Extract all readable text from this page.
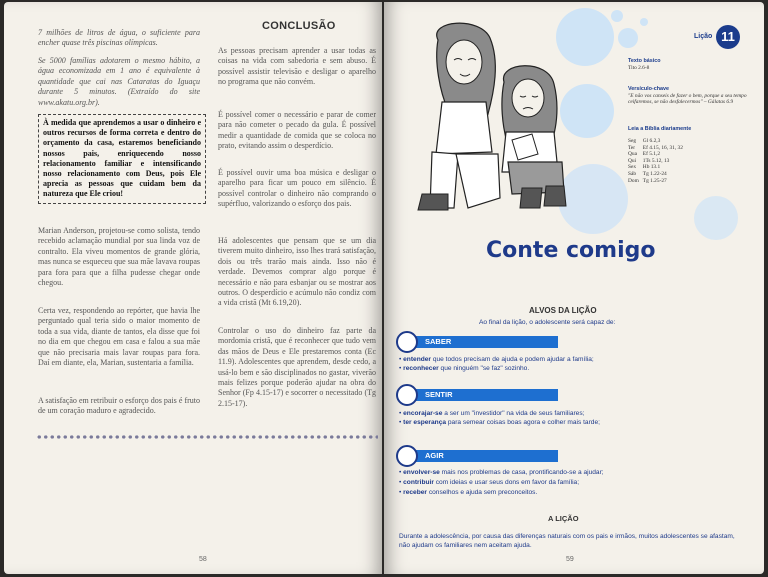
7 milhões de litros de água, o suficiente para encher quase três piscinas olímpicas.
Se 5000 famílias adotarem o mesmo hábito, a água economizada em 1 ano é equivalente à quantidade que cai nas Cataratas do Iguaçu durante 5 minutos. (Extraído do site www.akatu.org.br).
À medida que aprendemos a usar o dinheiro e outros recursos de forma correta e dentro do orçamento da casa, estaremos beneficiando nossos pais, enriquecendo nosso relacionamento familiar e intensificando nosso relacionamento com Deus, pois Ele aprecia as pessoas que cuidam bem da natureza que Ele criou!
Marian Anderson, projetou-se como solista, tendo recebido aclamação mundial por sua linda voz de contralto. Ela viveu momentos de grande glória, mas nunca se esqueceu que sua mãe lavava roupas para fora para que a filha pudesse chegar onde chegou.
Certa vez, respondendo ao repórter, que havia lhe perguntado qual teria sido o maior momento de toda a sua vida, diante de tantos, ela disse que foi no dia em que chegou em casa e falou a sua mãe que não precisaria mais lavar roupas para fora. Daí em diante, ela, Marian, sustentaria a família.
A satisfação em retribuir o esforço dos pais é fruto de um coração maduro e agradecido.
CONCLUSÃO
As pessoas precisam aprender a usar todas as coisas na vida com sabedoria e sem abuso. É possível assistir televisão e desligar o aparelho no programa que não convém.
É possível comer o necessário e parar de comer para não cometer o pecado da gula. É possível medir a quantidade de comida que se coloca no prato, evitando assim o desperdício.
É possível ouvir uma boa música e desligar o aparelho para ficar um pouco em silêncio. É possível controlar o dinheiro não comprando o supérfluo, valorizando o esforço dos pais.
Há adolescentes que pensam que se um dia tiverem muito dinheiro, isso lhes trará satisfação, dois ou três trarão mais ainda. Isso não é verdade. Devemos comprar algo porque é necessário e não para esbanjar ou se mostrar aos outros. O desperdício e acúmulo não condiz com a vida cristã (Mt 6.19,20).
Controlar o uso do dinheiro faz parte da mordomia cristã, que é reconhecer que tudo vem das mãos de Deus e Ele prestaremos conta (Ec 11.9). Adolescentes que aprendem, desde cedo, a usá-lo bem e são disciplinados no gastar, viverão mais felizes porque poderão ajudar na obra do Senhor (Fp 4.15-17) e socorrer o necessitado (Tg 2.15-17).
58
Lição 11
Texto básico
Tito 2.6-8
Versículo-chave
"E não vos canseis de fazer o bem, porque a seu tempo ceifaremos, se não desfalecermos" – Gálatas 6.9
Leia a Bíblia diariamente
Seg	Gl 6.2,3
Ter	Ef 4.15, 16, 31, 32
Qua	Ef 5.1,2
Qui	1Ts 5.12, 13
Sex	Hb 13.1
Sáb	Tg 1.22-24
Dom	Tg 1.25-27
Conte comigo
ALVOS DA LIÇÃO
Ao final da lição, o adolescente será capaz de:
SABER
• entender que todos precisam de ajuda e podem ajudar a família;
• reconhecer que ninguém "se faz" sozinho.
SENTIR
• encorajar-se a ser um "investidor" na vida de seus familiares;
• ter esperança para semear coisas boas agora e colher mais tarde;
AGIR
• envolver-se mais nos problemas de casa, prontificando-se a ajudar;
• contribuir com ideias e usar seus dons em favor da família;
• receber conselhos e ajuda sem preconceitos.
A LIÇÃO
Durante a adolescência, por causa das diferenças naturais com os pais e irmãos, muitos adolescentes se afastam, não ajudam os familiares nem aceitam ajuda.
59
